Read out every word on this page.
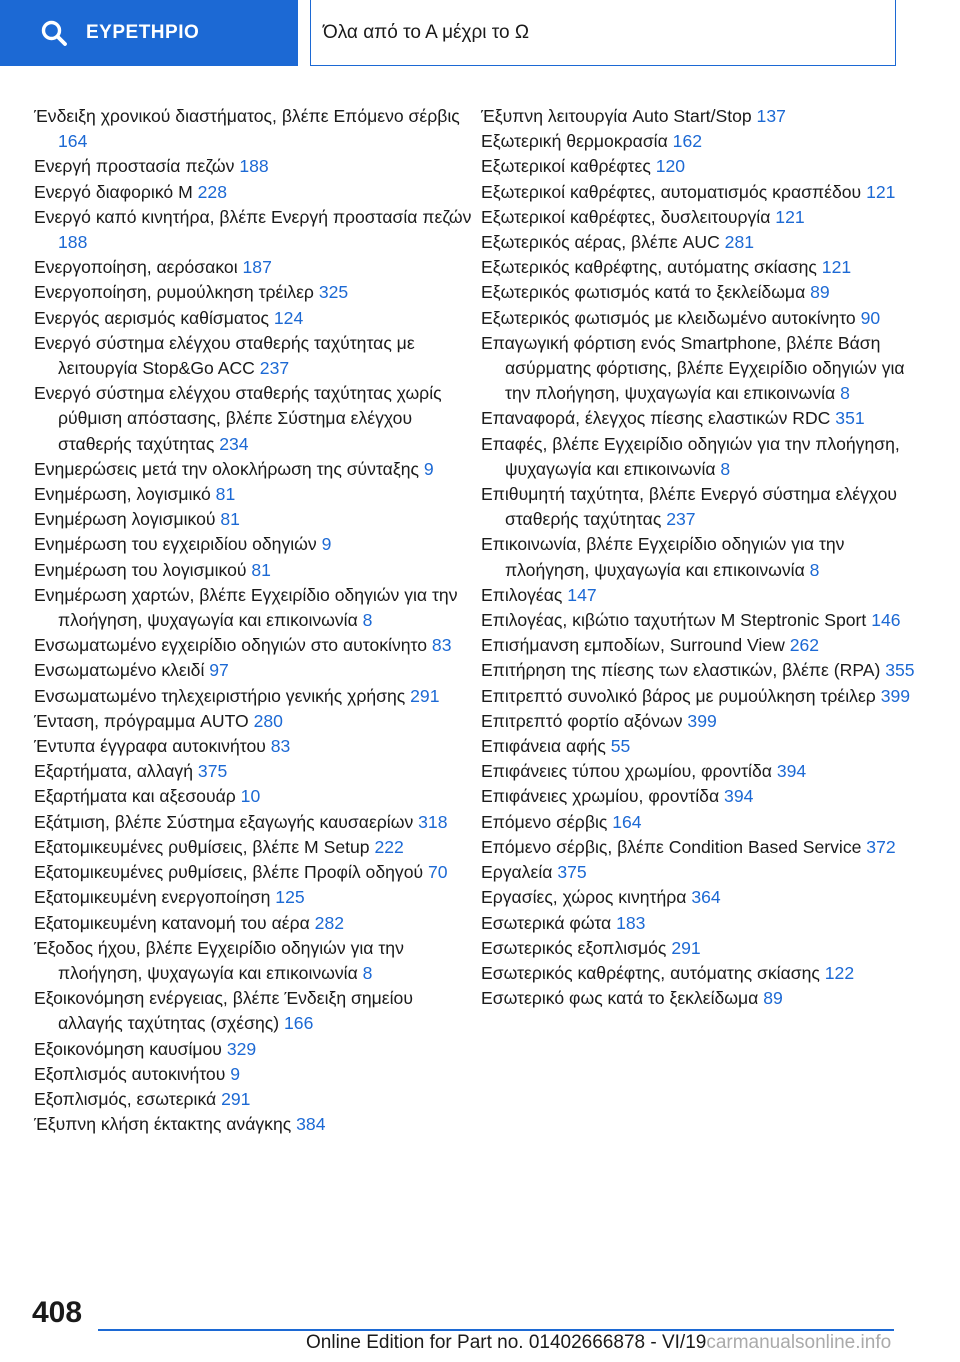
ΕΥΡΕΤΗΡΙΟ	Όλα από το Α μέχρι το Ω

Ένδειξη χρονικού διαστήματος, βλέπε Επόμενο σέρβις 164

Ενεργή προστασία πεζών 188

Ενεργό διαφορικό M 228

Ενεργό καπό κινητήρα, βλέπε Ενεργή προστασία πεζών 188

Ενεργοποίηση, αερόσακοι 187

Ενεργοποίηση, ρυμούλκηση τρέιλερ 325

Ενεργός αερισμός καθίσματος 124

Ενεργό σύστημα ελέγχου σταθερής ταχύτητας με λειτουργία Stop&Go ACC 237

Ενεργό σύστημα ελέγχου σταθερής ταχύτητας χωρίς ρύθμιση απόστασης, βλέπε Σύστημα ελέγχου σταθερής ταχύτητας 234

Ενημερώσεις μετά την ολοκλήρωση της σύνταξης 9

Ενημέρωση, λογισμικό 81

Ενημέρωση λογισμικού 81

Ενημέρωση του εγχειριδίου οδηγιών 9

Ενημέρωση του λογισμικού 81

Ενημέρωση χαρτών, βλέπε Εγχειρίδιο οδηγιών για την πλοήγηση, ψυχαγωγία και επικοινωνία 8

Ενσωματωμένο εγχειρίδιο οδηγιών στο αυτοκίνητο 83

Ενσωματωμένο κλειδί 97

Ενσωματωμένο τηλεχειριστήριο γενικής χρήσης 291

Ένταση, πρόγραμμα AUTO 280

Έντυπα έγγραφα αυτοκινήτου 83

Εξαρτήματα, αλλαγή 375

Εξαρτήματα και αξεσουάρ 10

Εξάτμιση, βλέπε Σύστημα εξαγωγής καυσαερίων 318

Εξατομικευμένες ρυθμίσεις, βλέπε M Setup 222

Εξατομικευμένες ρυθμίσεις, βλέπε Προφίλ οδηγού 70

Εξατομικευμένη ενεργοποίηση 125

Εξατομικευμένη κατανομή του αέρα 282

Έξοδος ήχου, βλέπε Εγχειρίδιο οδηγιών για την πλοήγηση, ψυχαγωγία και επικοινωνία 8

Εξοικονόμηση ενέργειας, βλέπε Ένδειξη σημείου αλλαγής ταχύτητας (σχέσης) 166

Εξοικονόμηση καυσίμου 329

Εξοπλισμός αυτοκινήτου 9

Εξοπλισμός, εσωτερικά 291

Έξυπνη κλήση έκτακτης ανάγκης 384

Έξυπνη λειτουργία Auto Start/Stop 137

Εξωτερική θερμοκρασία 162

Εξωτερικοί καθρέφτες 120

Εξωτερικοί καθρέφτες, αυτοματισμός κρασπέδου 121

Εξωτερικοί καθρέφτες, δυσλειτουργία 121

Εξωτερικός αέρας, βλέπε AUC 281

Εξωτερικός καθρέφτης, αυτόματης σκίασης 121

Εξωτερικός φωτισμός κατά το ξεκλείδωμα 89

Εξωτερικός φωτισμός με κλειδωμένο αυτοκίνητο 90

Επαγωγική φόρτιση ενός Smartphone, βλέπε Βάση ασύρματης φόρτισης, βλέπε Εγχειρίδιο οδηγιών για την πλοήγηση, ψυχαγωγία και επικοινωνία 8

Επαναφορά, έλεγχος πίεσης ελαστικών RDC 351

Επαφές, βλέπε Εγχειρίδιο οδηγιών για την πλοήγηση, ψυχαγωγία και επικοινωνία 8

Επιθυμητή ταχύτητα, βλέπε Ενεργό σύστημα ελέγχου σταθερής ταχύτητας 237

Επικοινωνία, βλέπε Εγχειρίδιο οδηγιών για την πλοήγηση, ψυχαγωγία και επικοινωνία 8

Επιλογέας 147

Επιλογέας, κιβώτιο ταχυτήτων M Steptronic Sport 146

Επισήμανση εμποδίων, Surround View 262

Επιτήρηση της πίεσης των ελαστικών, βλέπε (RPA) 355

Επιτρεπτό συνολικό βάρος με ρυμούλκηση τρέιλερ 399

Επιτρεπτό φορτίο αξόνων 399

Επιφάνεια αφής 55

Επιφάνειες τύπου χρωμίου, φροντίδα 394

Επιφάνειες χρωμίου, φροντίδα 394

Επόμενο σέρβις 164

Επόμενο σέρβις, βλέπε Condition Based Service 372

Εργαλεία 375

Εργασίες, χώρος κινητήρα 364

Εσωτερικά φώτα 183

Εσωτερικός εξοπλισμός 291

Εσωτερικός καθρέφτης, αυτόματης σκίασης 122

Εσωτερικό φως κατά το ξεκλείδωμα 89

408
Online Edition for Part no. 01402666878 - VI/19carmanualsonline.info
